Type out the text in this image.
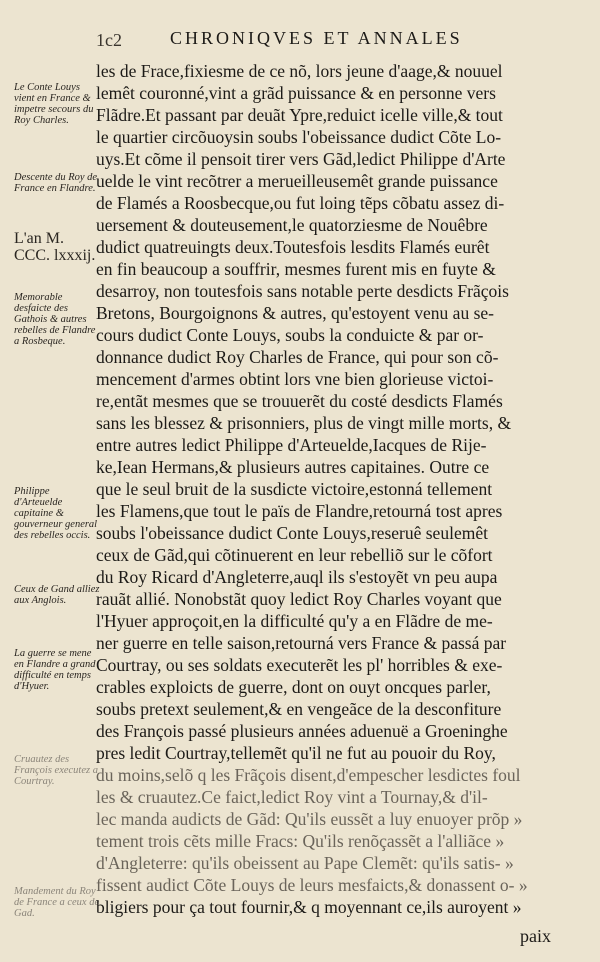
1c2	CHRONIQVES ET ANNALES
Le Conte Louys vient en France & impetre secours du Roy Charles.
Descente du Roy de France en Flandre.
L'an M. CCC. lxxxij.
Memorable desfaicte des Gathois & autres rebelles de Flandre a Rosbeque.
Philippe d'Arteuelde capitaine & gouverneur general des rebelles occis.
Ceux de Gand alliez aux Anglois.
La guerre se mene en Flandre a grand difficulté en temps d'Hyuer.
Cruautez des François executez a Courtray.
Mandement du Roy de France a ceux de Gad.
les de Frace,fixiesme de ce nõ, lors jeune d'aage,& nouuel
lemêt couronné,vint a grãd puissance & en personne vers
Flãdre.Et passant par deuãt Ypre,reduict icelle ville,& tout
le quartier circõuoysin soubs l'obeissance dudict Cõte Lo-
uys.Et cõme il pensoit tirer vers Gãd,ledict Philippe d'Arte
uelde le vint recõtrer a merueilleusemêt grande puissance
de Flamés a Roosbecque,ou fut loing tẽps cõbatu assez di-
uersement & douteusement,le quatorziesme de Nouêbre
dudict quatreuingts deux.Toutesfois lesdits Flamés eurêt
en fin beaucoup a souffrir, mesmes furent mis en fuyte &
desarroy, non toutesfois sans notable perte desdicts Frãçois
Bretons, Bourgoignons & autres, qu'estoyent venu au se-
cours dudict Conte Louys, soubs la conduicte & par or-
donnance dudict Roy Charles de France, qui pour son cõ-
mencement d'armes obtint lors vne bien glorieuse victoi-
re,entãt mesmes que se trouuerẽt du costé desdicts Flamés
sans les blessez & prisonniers, plus de vingt mille morts, &
entre autres ledict Philippe d'Arteuelde,Iacques de Rije-
ke,Iean Hermans,& plusieurs autres capitaines. Outre ce
que le seul bruit de la susdicte victoire,estonná tellement
les Flamens,que tout le païs de Flandre,retourná tost apres
soubs l'obeissance dudict Conte Louys,reseruê seulemêt
ceux de Gãd,qui cõtinuerent en leur rebelliõ sur le cõfort
du Roy Ricard d'Angleterre,auql ils s'estoyẽt vn peu aupa
rauãt allié. Nonobstãt quoy ledict Roy Charles voyant que
l'Hyuer approçoit,en la difficulté qu'y a en Flãdre de me-
ner guerre en telle saison,retourná vers France & passá par
Courtray, ou ses soldats executerẽt les pl' horribles & exe-
crables exploicts de guerre, dont on ouyt oncques parler,
soubs pretext seulement,& en vengeãce de la desconfiture
des François passé plusieurs années aduenuë a Groeninghe
pres ledit Courtray,tellemẽt qu'il ne fut au pouoir du Roy,
du moins,selõ q les Frãçois disent,d'empescher lesdictes foul
les & cruautez.Ce faict,ledict Roy vint a Tournay,& d'il-
lec manda audicts de Gãd: Qu'ils eussẽt a luy enuoyer prõp »
tement trois cẽts mille Fracs: Qu'ils renõçassẽt a l'alliãce »
d'Angleterre: qu'ils obeissent au Pape Clemẽt: qu'ils satis- »
fissent audict Cõte Louys de leurs mesfaicts,& donassent o- »
bligiers pour ça tout fournir,& q moyennant ce,ils auroyent »
paix
